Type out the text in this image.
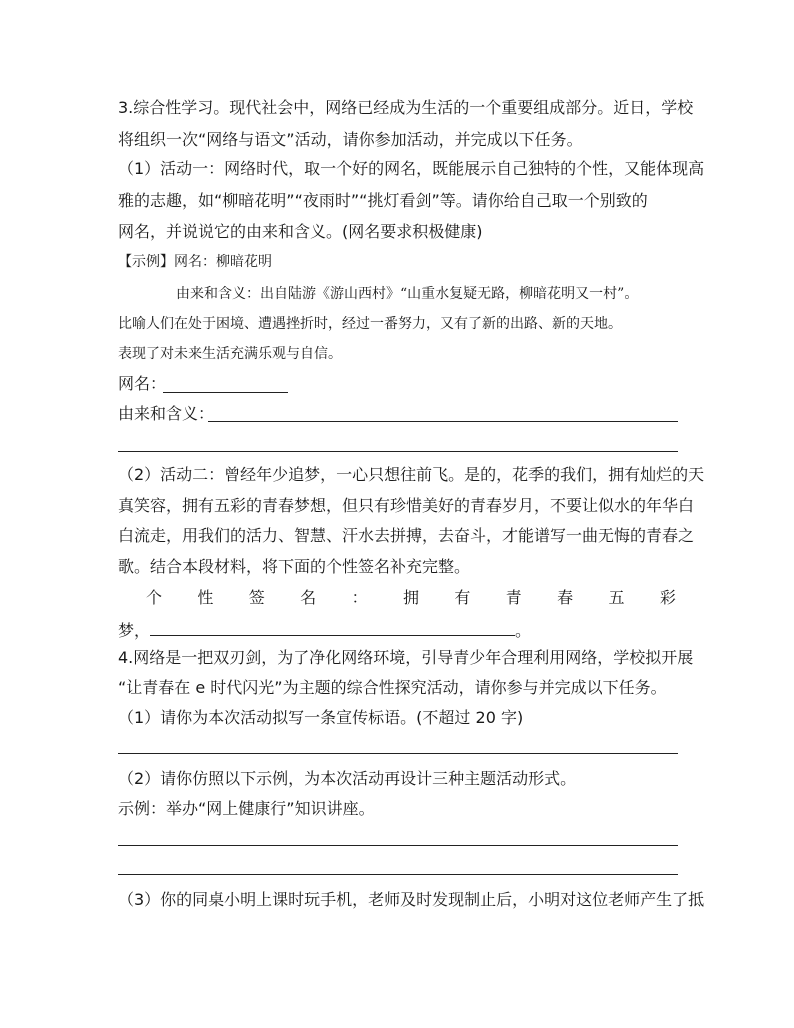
3.综合性学习。现代社会中，网络已经成为生活的一个重要组成部分。近日，学校
将组织一次“网络与语文”活动，请你参加活动，并完成以下任务。
（1）活动一：网络时代，取一个好的网名，既能展示自己独特的个性，又能体现高
雅的志趣，如“柳暗花明”“夜雨时”“挑灯看剑”等。请你给自己取一个别致的
网名，并说说它的由来和含义。(网名要求积极健康)
【示例】网名：柳暗花明
由来和含义：出自陆游《游山西村》“山重水复疑无路，柳暗花明又一村”。
比喻人们在处于困境、遭遇挫折时，经过一番努力，又有了新的出路、新的天地。
表现了对未来生活充满乐观与自信。
网名：
由来和含义：
（2）活动二：曾经年少追梦，一心只想往前飞。是的，花季的我们，拥有灿烂的天
真笑容，拥有五彩的青春梦想，但只有珍惜美好的青春岁月，不要让似水的年华白
白流走，用我们的活力、智慧、汗水去拼搏，去奋斗，才能谱写一曲无悔的青春之
歌。结合本段材料，将下面的个性签名补充完整。
个 性 签 名 ： 拥 有 青 春 五 彩
梦，	。
4.网络是一把双刃剑，为了净化网络环境，引导青少年合理利用网络，学校拟开展
“让青春在 e 时代闪光”为主题的综合性探究活动，请你参与并完成以下任务。
（1）请你为本次活动拟写一条宣传标语。(不超过 20 字)
（2）请你仿照以下示例，为本次活动再设计三种主题活动形式。
示例：举办“网上健康行”知识讲座。
（3）你的同桌小明上课时玩手机，老师及时发现制止后，小明对这位老师产生了抵
